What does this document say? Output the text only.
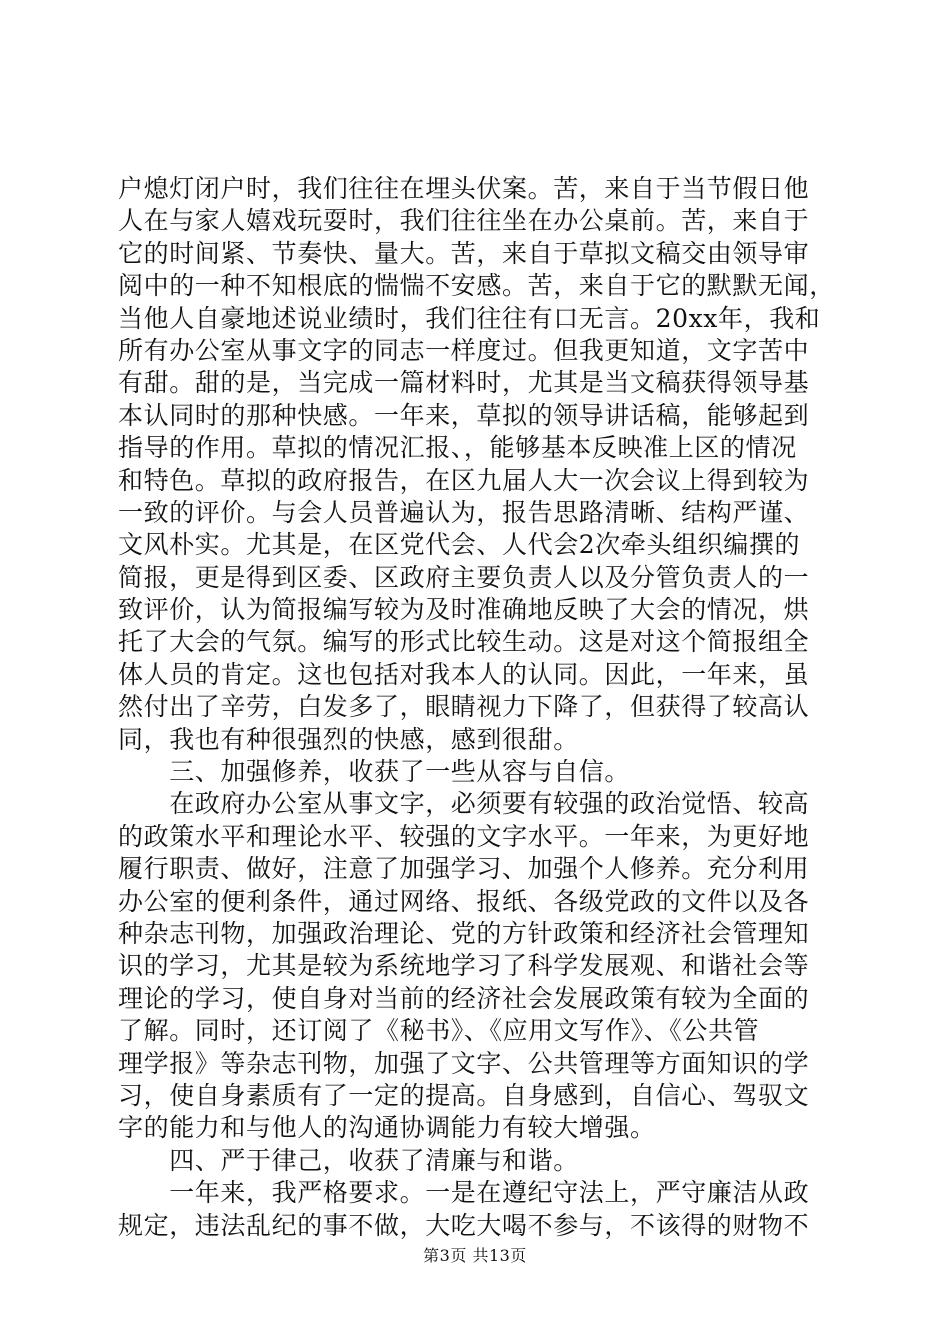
户熄灯闭户时，我们往往在埋头伏案。苦，来自于当节假日他
人在与家人嬉戏玩耍时，我们往往坐在办公桌前。苦，来自于
它的时间紧、节奏快、量大。苦，来自于草拟文稿交由领导审
阅中的一种不知根底的惴惴不安感。苦，来自于它的默默无闻，
当他人自豪地述说业绩时，我们往往有口无言。20xx年，我和
所有办公室从事文字的同志一样度过。但我更知道，文字苦中
有甜。甜的是，当完成一篇材料时，尤其是当文稿获得领导基
本认同时的那种快感。一年来，草拟的领导讲话稿，能够起到
指导的作用。草拟的情况汇报、，能够基本反映准上区的情况
和特色。草拟的政府报告，在区九届人大一次会议上得到较为
一致的评价。与会人员普遍认为，报告思路清晰、结构严谨、
文风朴实。尤其是，在区党代会、人代会2次牵头组织编撰的
简报，更是得到区委、区政府主要负责人以及分管负责人的一
致评价，认为简报编写较为及时准确地反映了大会的情况，烘
托了大会的气氛。编写的形式比较生动。这是对这个简报组全
体人员的肯定。这也包括对我本人的认同。因此，一年来，虽
然付出了辛劳，白发多了，眼睛视力下降了，但获得了较高认
同，我也有种很强烈的快感，感到很甜。
　　三、加强修养，收获了一些从容与自信。
　　在政府办公室从事文字，必须要有较强的政治觉悟、较高
的政策水平和理论水平、较强的文字水平。一年来，为更好地
履行职责、做好，注意了加强学习、加强个人修养。充分利用
办公室的便利条件，通过网络、报纸、各级党政的文件以及各
种杂志刊物，加强政治理论、党的方针政策和经济社会管理知
识的学习，尤其是较为系统地学习了科学发展观、和谐社会等
理论的学习，使自身对当前的经济社会发展政策有较为全面的
了解。同时，还订阅了《秘书》、《应用文写作》、《公共管
理学报》等杂志刊物，加强了文字、公共管理等方面知识的学
习，使自身素质有了一定的提高。自身感到，自信心、驾驭文
字的能力和与他人的沟通协调能力有较大增强。
　　四、严于律己，收获了清廉与和谐。
　　一年来，我严格要求。一是在遵纪守法上，严守廉洁从政
规定，违法乱纪的事不做，大吃大喝不参与，不该得的财物不
第3页 共13页
